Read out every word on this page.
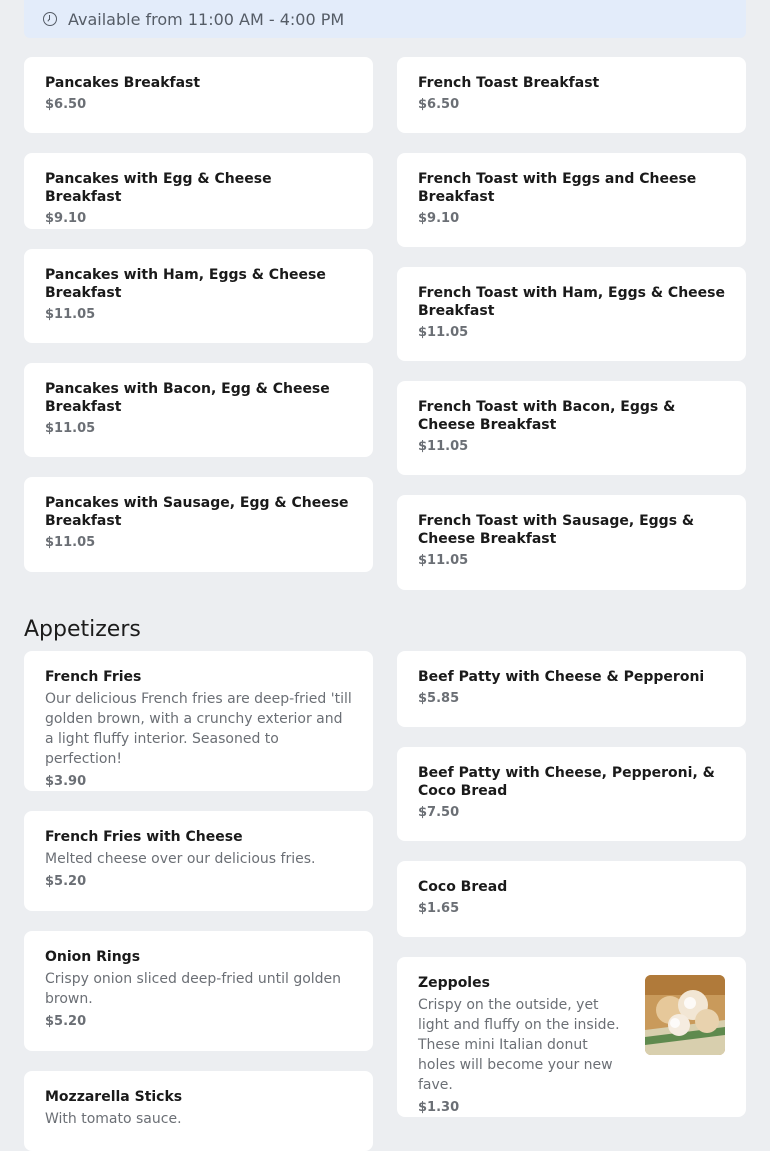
Available from 11:00 AM - 4:00 PM
Pancakes Breakfast
$6.50
Pancakes with Egg & Cheese Breakfast
$9.10
Pancakes with Ham, Eggs & Cheese Breakfast
$11.05
Pancakes with Bacon, Egg & Cheese Breakfast
$11.05
Pancakes with Sausage, Egg & Cheese Breakfast
$11.05
French Toast Breakfast
$6.50
French Toast with Eggs and Cheese Breakfast
$9.10
French Toast with Ham, Eggs & Cheese Breakfast
$11.05
French Toast with Bacon, Eggs & Cheese Breakfast
$11.05
French Toast with Sausage, Eggs & Cheese Breakfast
$11.05
Appetizers
French Fries
Our delicious French fries are deep-fried 'till golden brown, with a crunchy exterior and a light fluffy interior. Seasoned to perfection!
$3.90
French Fries with Cheese
Melted cheese over our delicious fries.
$5.20
Onion Rings
Crispy onion sliced deep-fried until golden brown.
$5.20
Mozzarella Sticks
With tomato sauce.
Beef Patty with Cheese & Pepperoni
$5.85
Beef Patty with Cheese, Pepperoni, & Coco Bread
$7.50
Coco Bread
$1.65
Zeppoles
Crispy on the outside, yet light and fluffy on the inside. These mini Italian donut holes will become your new fave.
$1.30
